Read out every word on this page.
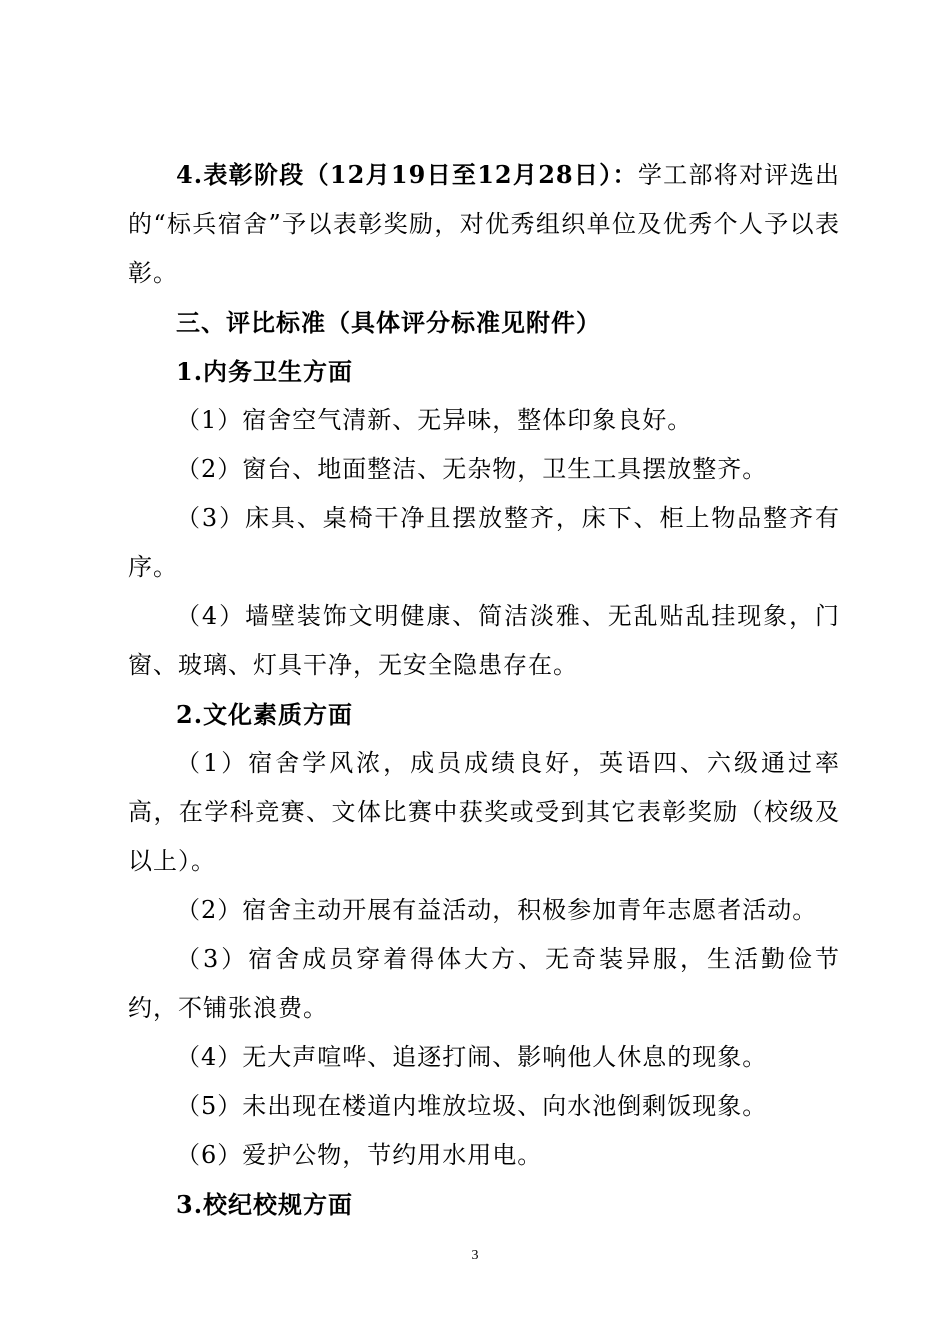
4.表彰阶段（12月19日至12月28日）：学工部将对评选出的“标兵宿舍”予以表彰奖励，对优秀组织单位及优秀个人予以表彰。

三、评比标准（具体评分标准见附件）

1.内务卫生方面

（1）宿舍空气清新、无异味，整体印象良好。

（2）窗台、地面整洁、无杂物，卫生工具摆放整齐。

（3）床具、桌椅干净且摆放整齐，床下、柜上物品整齐有序。

（4）墙壁装饰文明健康、简洁淡雅、无乱贴乱挂现象，门窗、玻璃、灯具干净，无安全隐患存在。

2.文化素质方面

（1）宿舍学风浓，成员成绩良好，英语四、六级通过率高，在学科竞赛、文体比赛中获奖或受到其它表彰奖励（校级及以上）。

（2）宿舍主动开展有益活动，积极参加青年志愿者活动。

（3）宿舍成员穿着得体大方、无奇装异服，生活勤俭节约，不铺张浪费。

（4）无大声喧哗、追逐打闹、影响他人休息的现象。

（5）未出现在楼道内堆放垃圾、向水池倒剩饭现象。

（6）爱护公物，节约用水用电。

3.校纪校规方面

3
